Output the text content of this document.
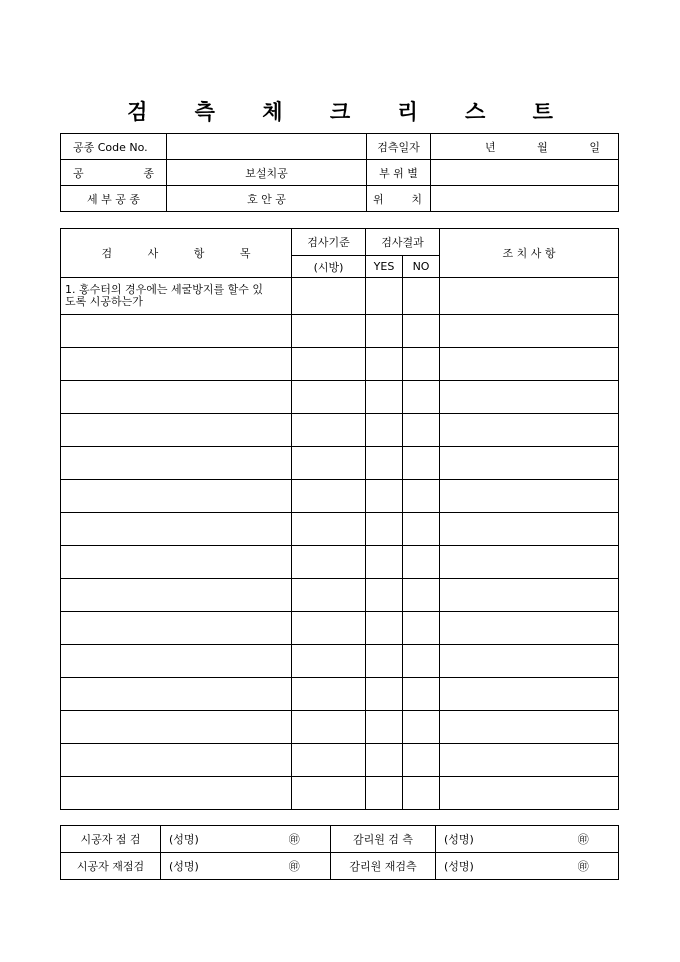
검 측 체 크 리 스 트
공종 Code No.		검측일자	년 월 일

공 종	보설치공	부 위 별	
세 부 공 종	호 안 공	위 치	

검 사 항 목	검사기준	검사결과		조 치 사 항
	(시방)	YES	NO	
1. 홍수터의 경우에는 세굴방지를 할수 있
도록 시공하는가				

시공자 점 검	(성명)	㊞	감리원 검 측	(성명)	㊞
시공자 재점검	(성명)	㊞	감리원 재검측	(성명)	㊞
